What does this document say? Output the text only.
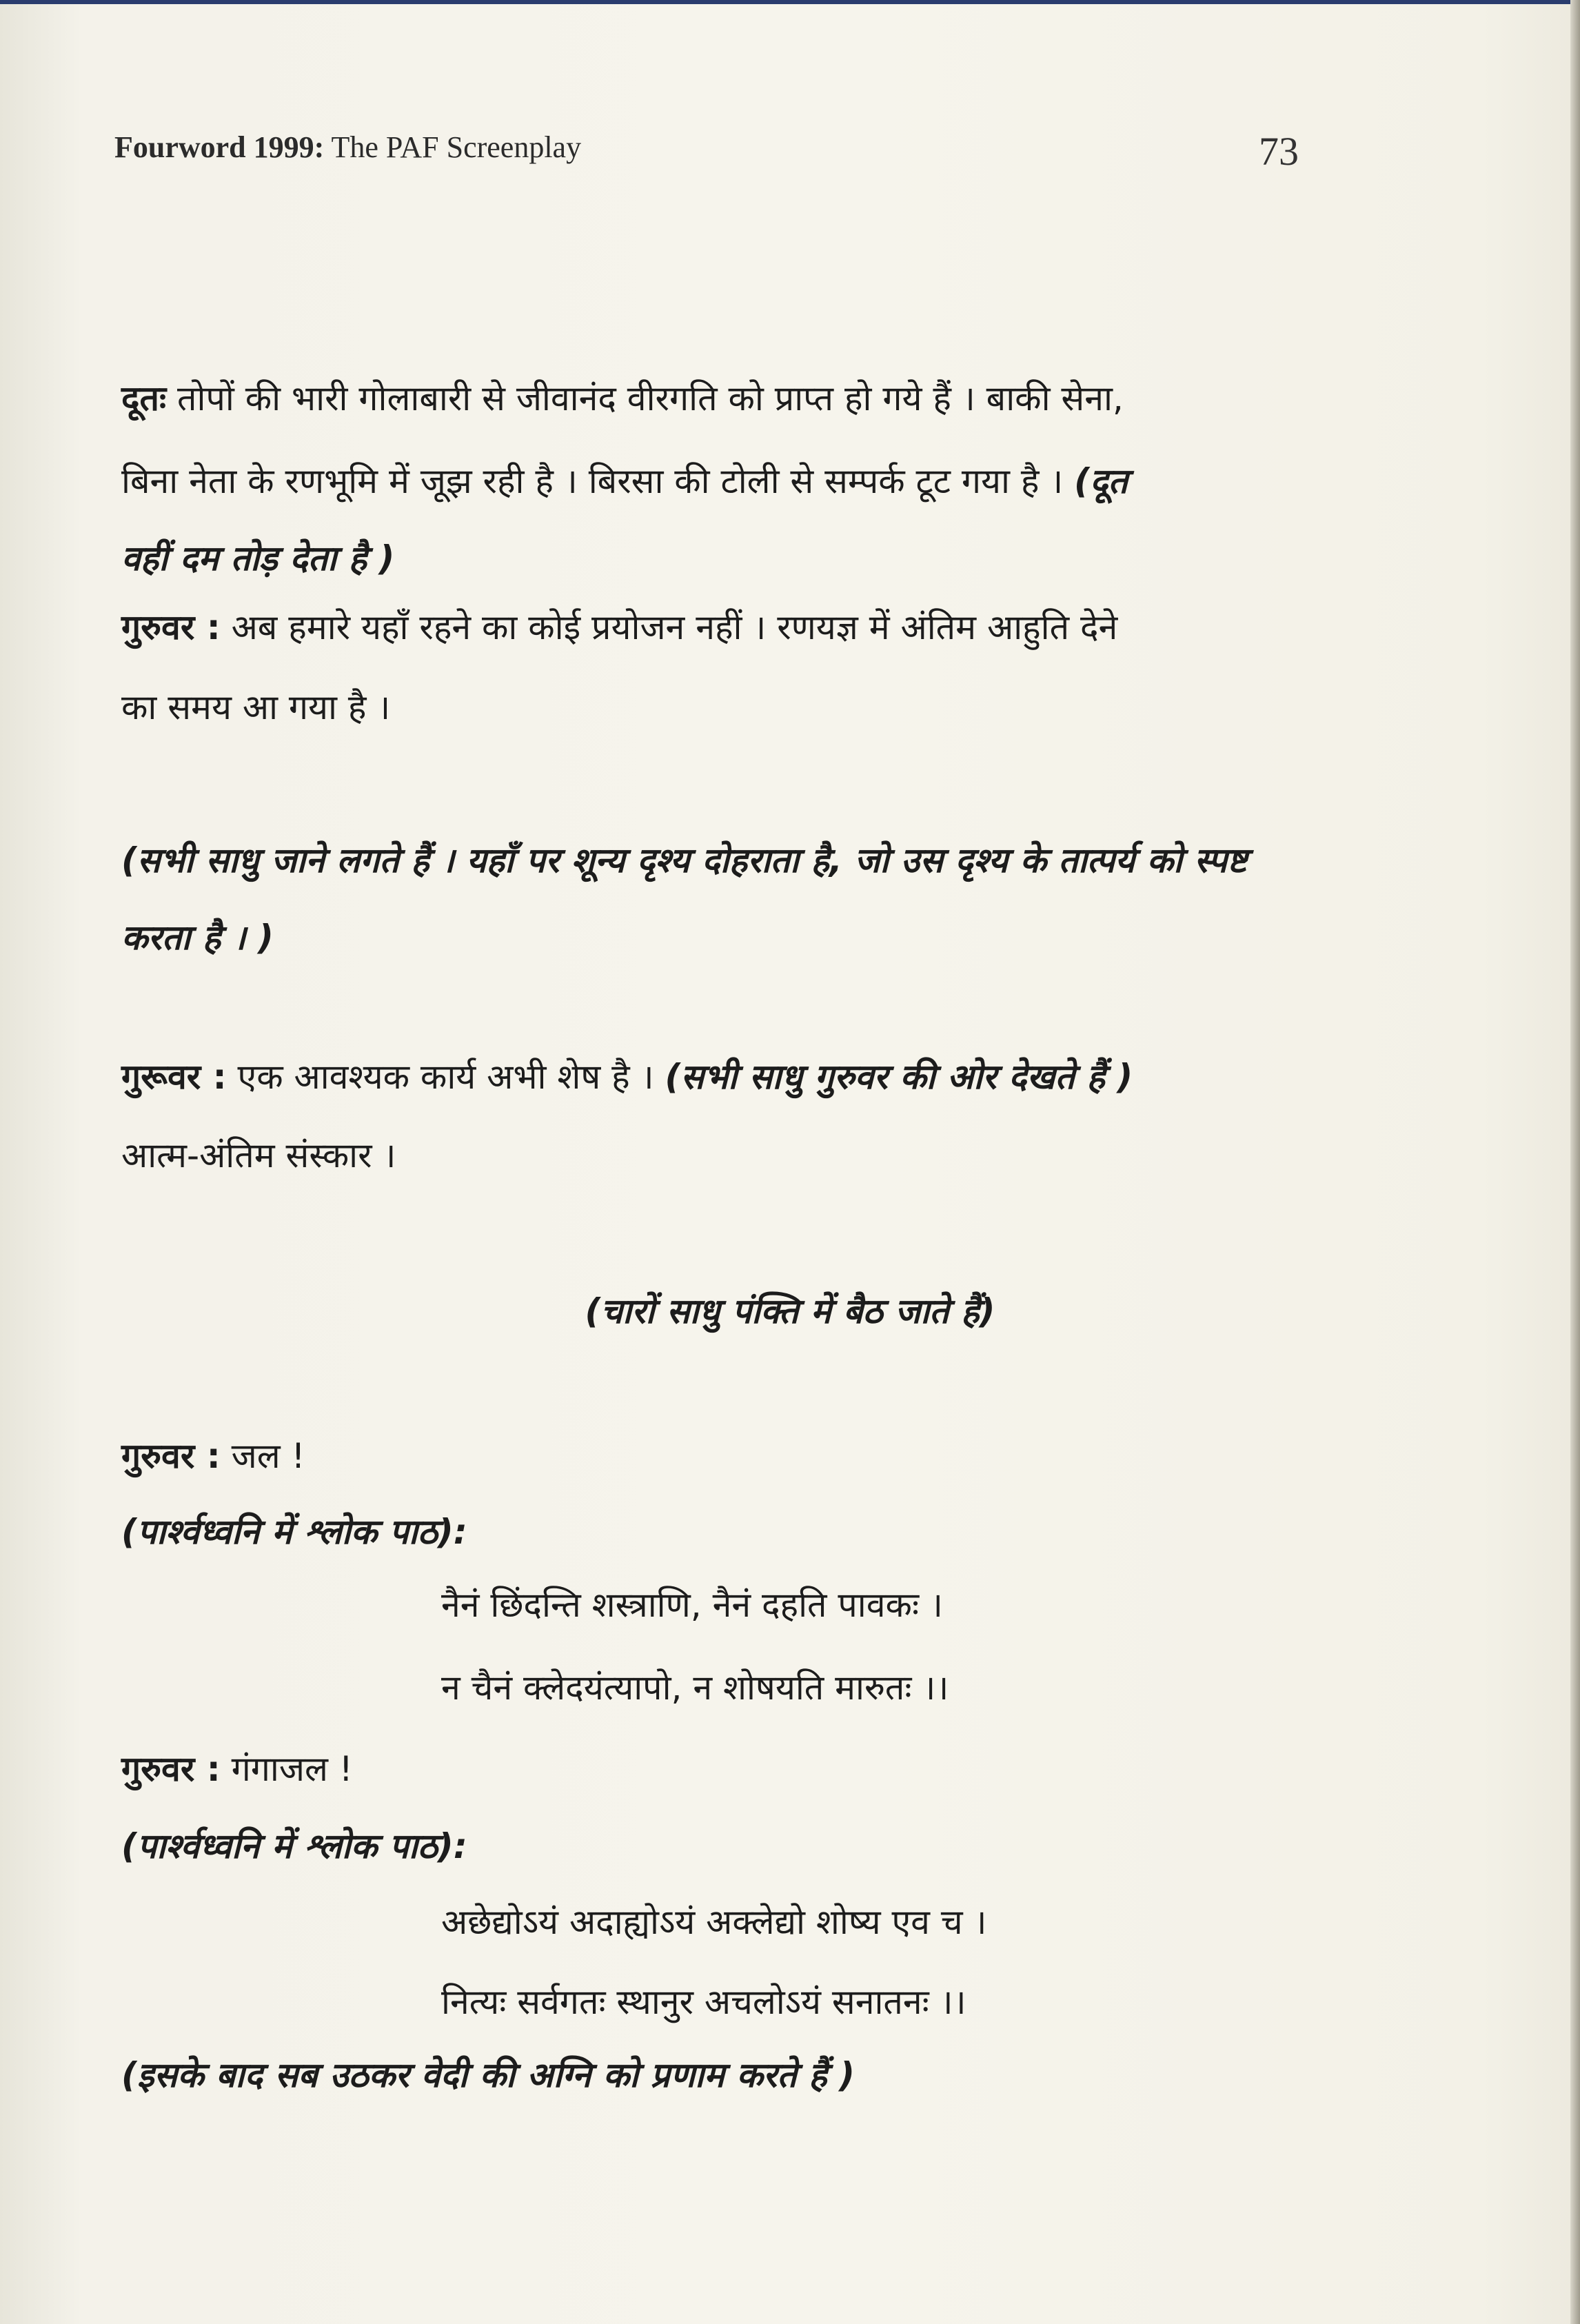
Fourword 1999: The PAF Screenplay	73
दूतः तोपों की भारी गोलाबारी से जीवानंद वीरगति को प्राप्त हो गये हैं । बाकी सेना,
बिना नेता के रणभूमि में जूझ रही है । बिरसा की टोली से सम्पर्क टूट गया है । (दूत
वहीं दम तोड़ देता है )
गुरुवर : अब हमारे यहाँ रहने का कोई प्रयोजन नहीं । रणयज्ञ में अंतिम आहुति देने
का समय आ गया है ।
(सभी साधु जाने लगते हैं । यहाँ पर शून्य दृश्य दोहराता है, जो उस दृश्य के तात्पर्य को स्पष्ट
करता है । )
गुरूवर : एक आवश्यक कार्य अभी शेष है । (सभी साधु गुरुवर की ओर देखते हैं )
आत्म-अंतिम संस्कार ।
(चारों साधु पंक्ति में बैठ जाते हैं)
गुरुवर : जल !
(पार्श्वध्वनि में श्लोक पाठ):
नैनं छिंदन्ति शस्त्राणि, नैनं दहति पावकः ।
न चैनं क्लेदयंत्यापो, न शोषयति मारुतः ।।
गुरुवर : गंगाजल !
(पार्श्वध्वनि में श्लोक पाठ):
अछेद्योऽयं अदाह्योऽयं अक्लेद्यो शोष्य एव च ।
नित्यः सर्वगतः स्थानुर अचलोऽयं सनातनः ।।
(इसके बाद सब उठकर वेदी की अग्नि को प्रणाम करते हैं )
